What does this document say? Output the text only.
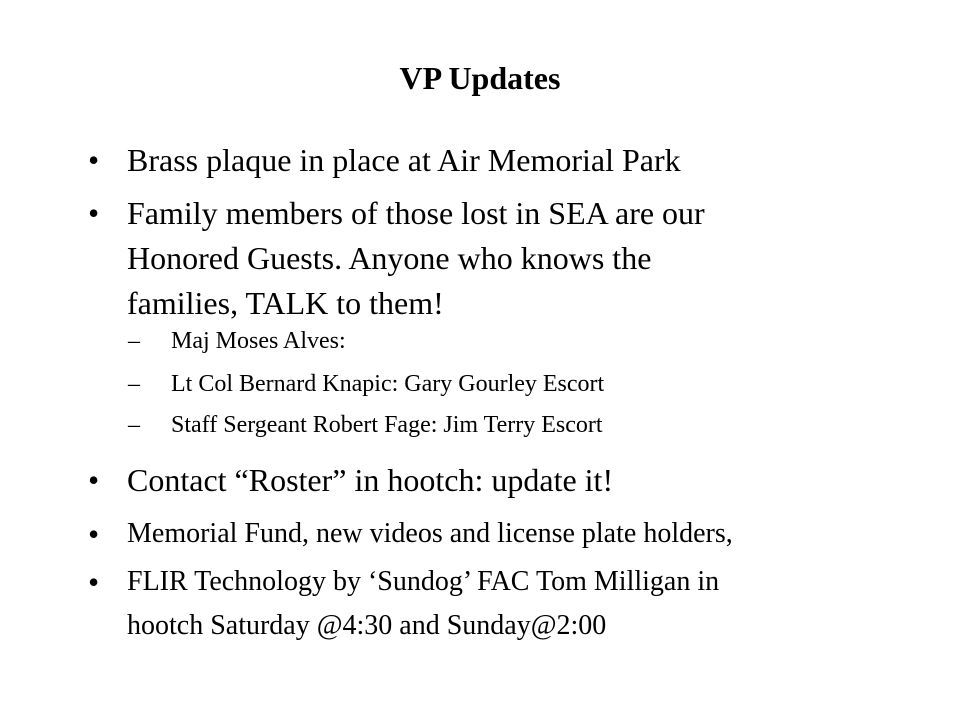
VP Updates
• Brass plaque in place at Air Memorial Park
• Family members of those lost in SEA are our
Honored Guests. Anyone who knows the
families, TALK to them!
– Maj Moses Alves:
– Lt Col Bernard Knapic: Gary Gourley Escort
– Staff Sergeant Robert Fage: Jim Terry Escort
• Contact “Roster” in hootch: update it!
• Memorial Fund, new videos and license plate holders,
• FLIR Technology by ‘Sundog’ FAC Tom Milligan in
hootch Saturday @4:30 and Sunday@2:00
